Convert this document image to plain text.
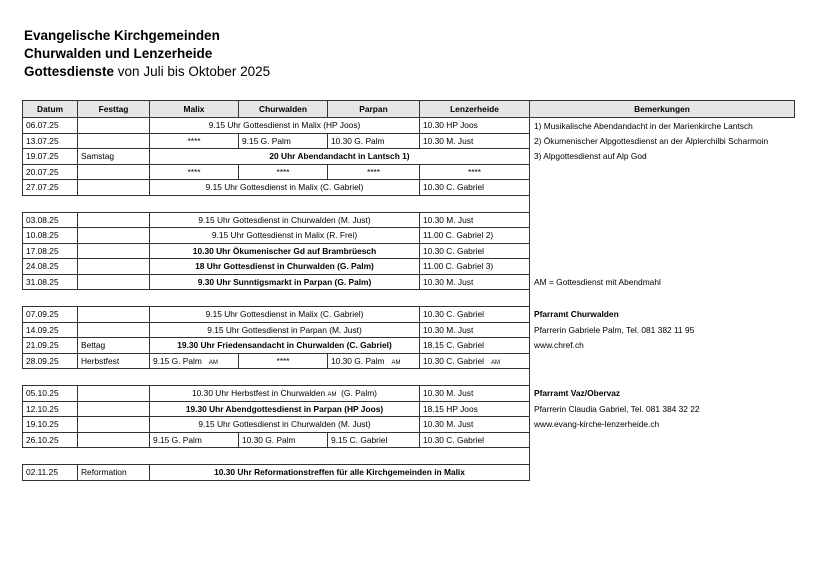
Evangelische Kirchgemeinden
Churwalden und Lenzerheide
Gottesdienste von Juli bis Oktober 2025
Datum	Festtag	Malix	Churwalden	Parpan	Lenzerheide	Bemerkungen
06.07.25		9.15 Uhr Gottesdienst in Malix (HP Joos)			10.30 HP Joos	1) Musikalische Abendandacht in der Marienkirche Lantsch
13.07.25		****	9.15 G. Palm	10.30 G. Palm	10.30 M. Just	2) Ökumenischer Alpgottesdienst an der Älplerchilbi Scharmoin
19.07.25	Samstag	20 Uhr Abendandacht in Lantsch 1)				3) Alpgottesdienst auf Alp God
20.07.25		****	****	****	****	
27.07.25		9.15 Uhr Gottesdienst in Malix (C. Gabriel)			10.30 C. Gabriel	

03.08.25		9.15 Uhr Gottesdienst in Churwalden (M. Just)			10.30 M. Just	
10.08.25		9.15 Uhr Gottesdienst in Malix (R. Frei)			11.00 C. Gabriel 2)	
17.08.25		10.30 Uhr Ökumenischer Gd auf Brambrüesch			10.30 C. Gabriel	
24.08.25		18 Uhr Gottesdienst in Churwalden (G. Palm)			11.00 C. Gabriel 3)	
31.08.25		9.30 Uhr Sunntigsmarkt in Parpan (G. Palm)			10.30 M. Just	AM = Gottesdienst mit Abendmahl

07.09.25		9.15 Uhr Gottesdienst in Malix (C. Gabriel)			10.30 C. Gabriel	Pfarramt Churwalden
14.09.25		9.15 Uhr Gottesdienst in Parpan (M. Just)			10.30 M. Just	Pfarrerin Gabriele Palm, Tel. 081 382 11 95
21.09.25	Bettag	19.30 Uhr Friedensandacht in Churwalden (C. Gabriel)			18.15 C. Gabriel	www.chref.ch
28.09.25	Herbstfest	9.15 G. Palm AM	****	10.30 G. Palm AM	10.30 C. Gabriel AM	

05.10.25		10.30 Uhr Herbstfest in Churwalden AM (G. Palm)			10.30 M. Just	Pfarramt Vaz/Obervaz
12.10.25		19.30 Uhr Abendgottesdienst in Parpan (HP Joos)			18.15 HP Joos	Pfarrerin Claudia Gabriel, Tel. 081 384 32 22
19.10.25		9.15 Uhr Gottesdienst in Churwalden (M. Just)			10.30 M. Just	www.evang-kirche-lenzerheide.ch
26.10.25		9.15 G. Palm	10.30 G. Palm	9.15 C. Gabriel	10.30 C. Gabriel	

02.11.25	Reformation	10.30 Uhr Reformationstreffen für alle Kirchgemeinden in Malix				
